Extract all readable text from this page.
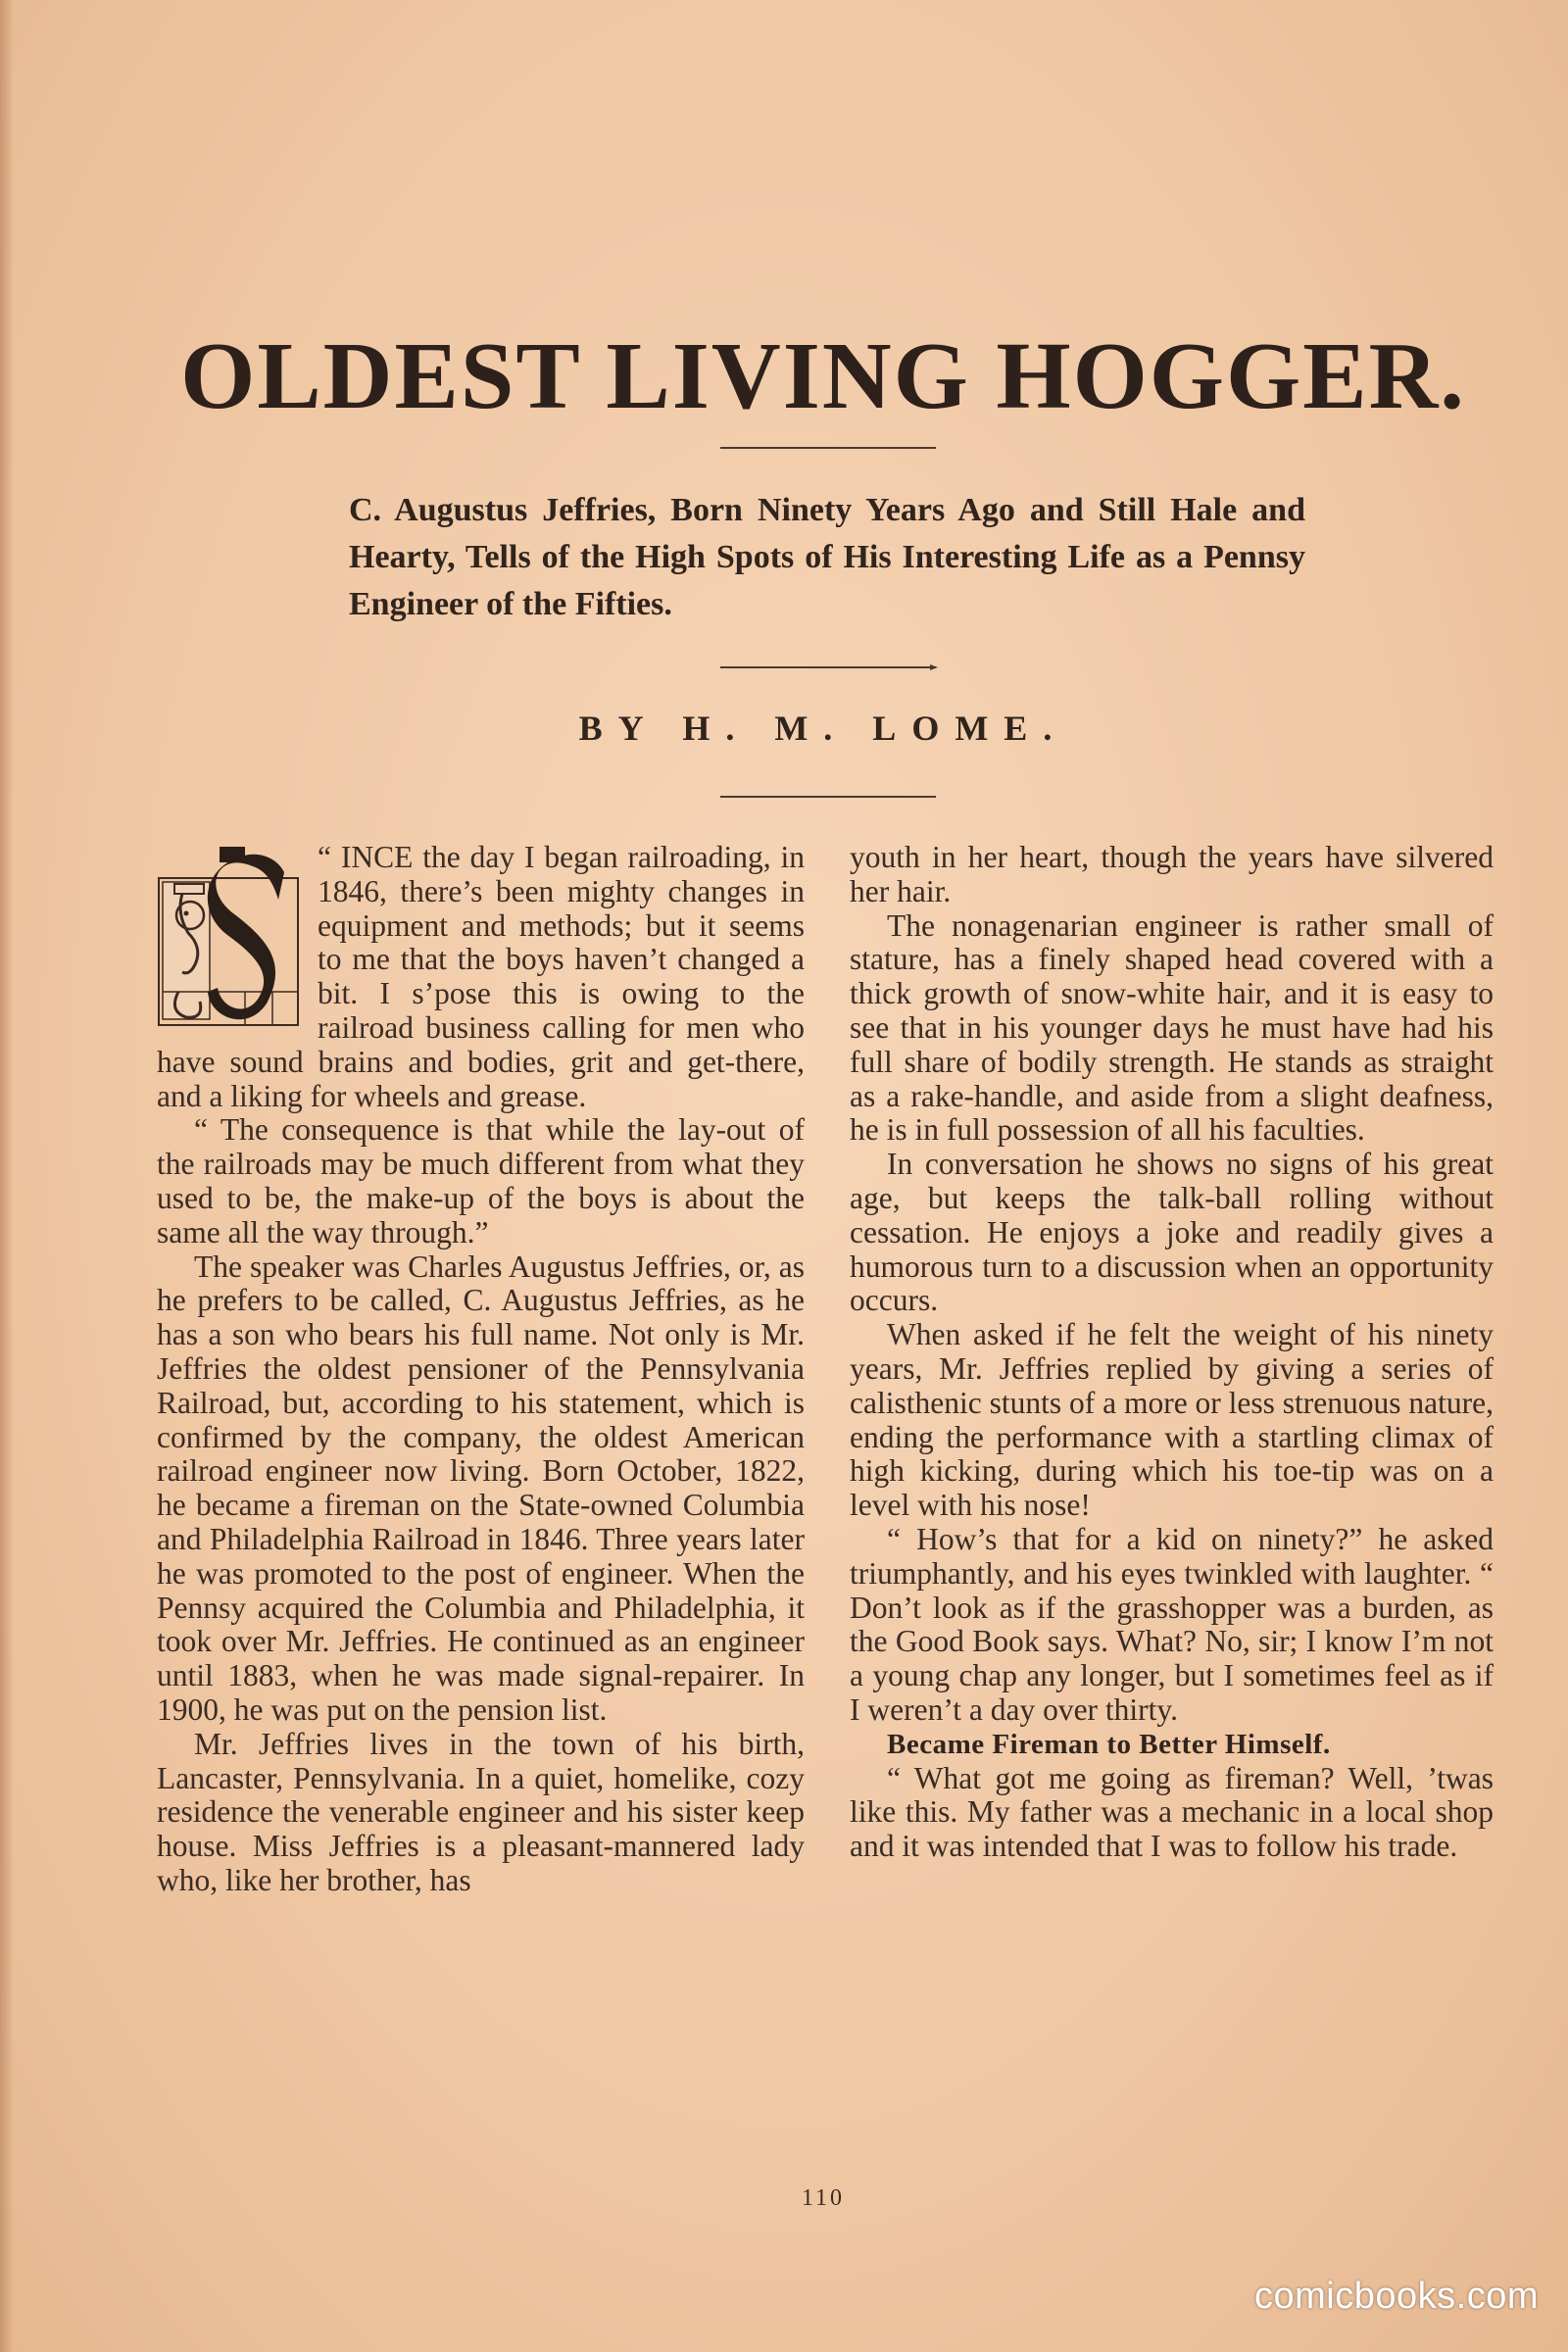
OLDEST LIVING HOGGER.

C. Augustus Jeffries, Born Ninety Years Ago and Still Hale and Hearty, Tells of the High Spots of His Interesting Life as a Pennsy Engineer of the Fifties.

BY H. M. LOME.

“ INCE the day I began railroading, in 1846, there’s been mighty changes in equipment and methods; but it seems to me that the boys haven’t changed a bit. I s’pose this is owing to the railroad business calling for men who have sound brains and bodies, grit and get-there, and a liking for wheels and grease.

“ The consequence is that while the lay-out of the railroads may be much different from what they used to be, the make-up of the boys is about the same all the way through.”

The speaker was Charles Augustus Jeffries, or, as he prefers to be called, C. Augustus Jeffries, as he has a son who bears his full name. Not only is Mr. Jeffries the oldest pensioner of the Pennsylvania Railroad, but, according to his statement, which is confirmed by the company, the oldest American railroad engineer now living. Born October, 1822, he became a fireman on the State-owned Columbia and Philadelphia Railroad in 1846. Three years later he was promoted to the post of engineer. When the Pennsy acquired the Columbia and Philadelphia, it took over Mr. Jeffries. He continued as an engineer until 1883, when he was made signal-repairer. In 1900, he was put on the pension list.

Mr. Jeffries lives in the town of his birth, Lancaster, Pennsylvania. In a quiet, homelike, cozy residence the venerable engineer and his sister keep house. Miss Jeffries is a pleasant-mannered lady who, like her brother, has

youth in her heart, though the years have silvered her hair.

The nonagenarian engineer is rather small of stature, has a finely shaped head covered with a thick growth of snow-white hair, and it is easy to see that in his younger days he must have had his full share of bodily strength. He stands as straight as a rake-handle, and aside from a slight deafness, he is in full possession of all his faculties.

In conversation he shows no signs of his great age, but keeps the talk-ball rolling without cessation. He enjoys a joke and readily gives a humorous turn to a discussion when an opportunity occurs.

When asked if he felt the weight of his ninety years, Mr. Jeffries replied by giving a series of calisthenic stunts of a more or less strenuous nature, ending the performance with a startling climax of high kicking, during which his toe-tip was on a level with his nose!

“ How’s that for a kid on ninety?” he asked triumphantly, and his eyes twinkled with laughter. “ Don’t look as if the grasshopper was a burden, as the Good Book says. What? No, sir; I know I’m not a young chap any longer, but I sometimes feel as if I weren’t a day over thirty.

Became Fireman to Better Himself.

“ What got me going as fireman? Well, ’twas like this. My father was a mechanic in a local shop and it was intended that I was to follow his trade.

110
comicbooks.com
